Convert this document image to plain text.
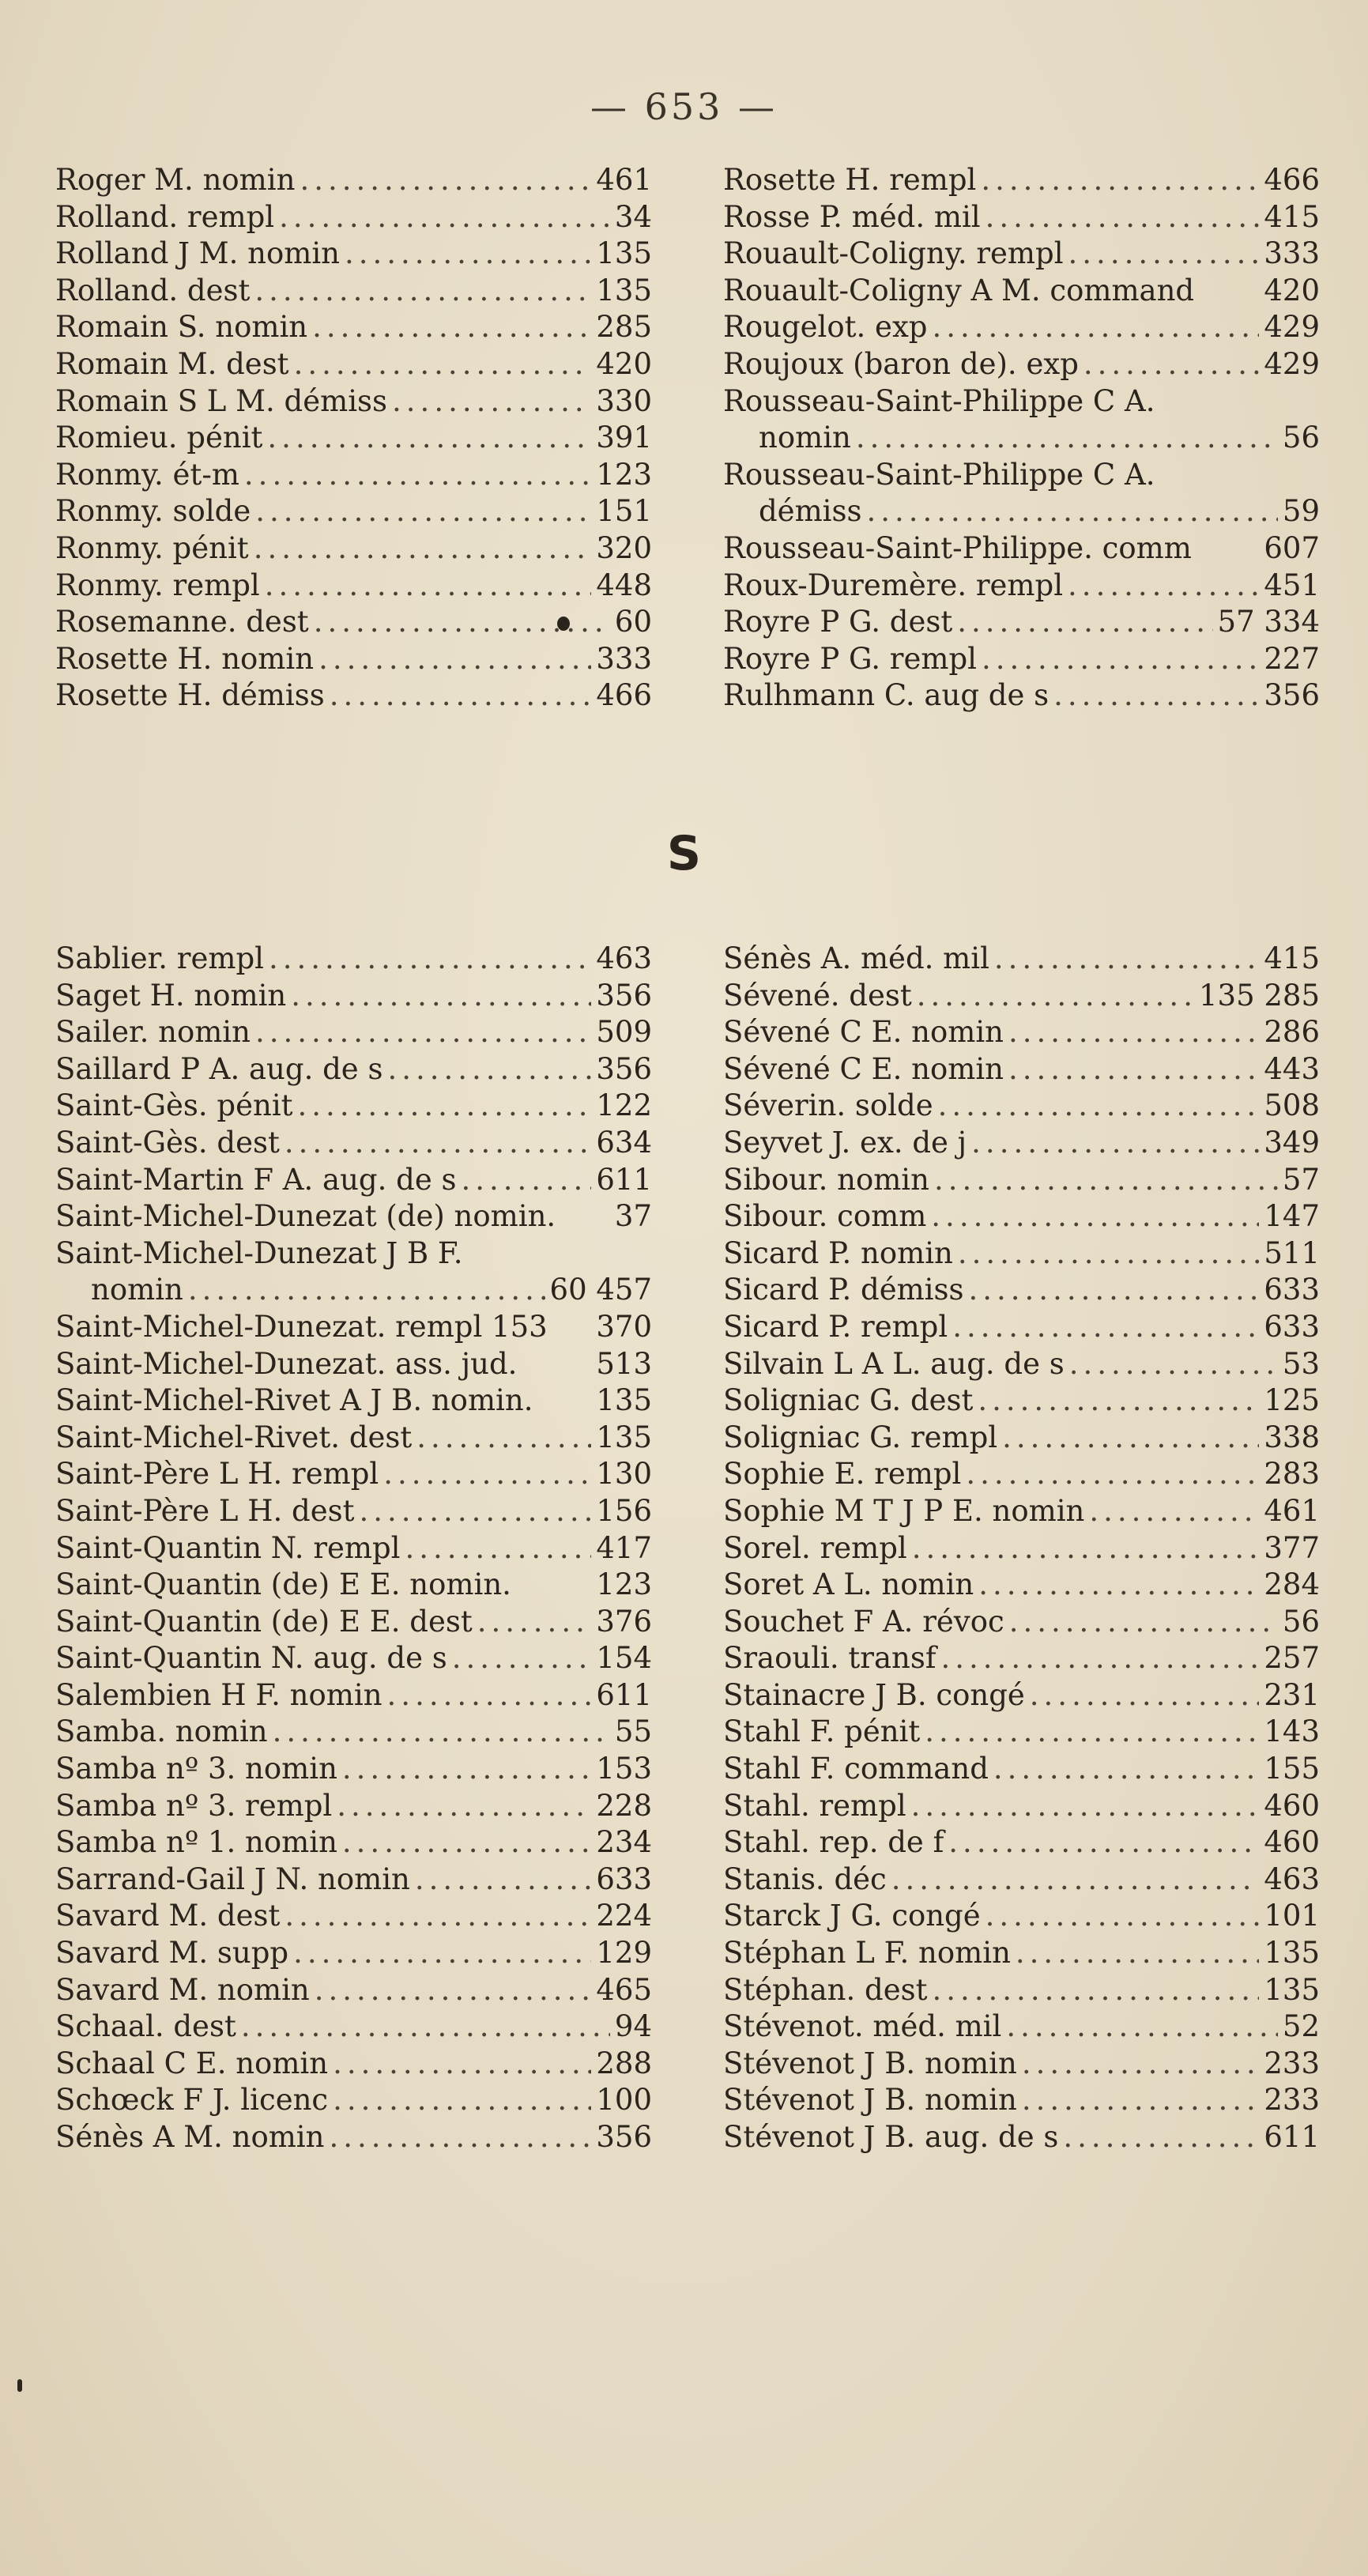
— 653 —
Roger M. nomin .....	461
Rolland. rempl .....	34
Rolland J M. nomin .....	135
Rolland. dest .....	135
Romain S. nomin .....	285
Romain M. dest .....	420
Romain S L M. démiss .....	330
Romieu. pénit .....	391
Ronmy. ét-m .....	123
Ronmy. solde .....	151
Ronmy. pénit .....	320
Ronmy. rempl .....	448
Rosemanne. dest .....	60
Rosette H. nomin .....	333
Rosette H. démiss .....	466
Rosette H. rempl .....	466
Rosse P. méd. mil .....	415
Rouault-Coligny. rempl .....	333
Rouault-Coligny A M. command 420
Rougelot. exp .....	429
Roujoux (baron de). exp .....	429
Rousseau-Saint-Philippe C A.
nomin .....	56
Rousseau-Saint-Philippe C A.
démiss .....	59
Rousseau-Saint-Philippe. comm 607
Roux-Duremère. rempl .....	451
Royre P G. dest .....	57 334
Royre P G. rempl .....	227
Rulhmann C. aug de s .....	356
S
Sablier. rempl .....	463
Saget H. nomin .....	356
Sailer. nomin .....	509
Saillard P A. aug. de s .....	356
Saint-Gès. pénit .....	122
Saint-Gès. dest .....	634
Saint-Martin F A. aug. de s .....	611
Saint-Michel-Dunezat (de) nomin. 37
Saint-Michel-Dunezat J B F.
nomin .....	60 457
Saint-Michel-Dunezat. rempl 153 370
Saint-Michel-Dunezat. ass. jud.	513
Saint-Michel-Rivet A J B. nomin. 135
Saint-Michel-Rivet. dest .....	135
Saint-Père L H. rempl .....	130
Saint-Père L H. dest .....	156
Saint-Quantin N. rempl .....	417
Saint-Quantin (de) E E. nomin.	123
Saint-Quantin (de) E E. dest .....	376
Saint-Quantin N. aug. de s .....	154
Salembien H F. nomin .....	611
Samba. nomin .....	55
Samba nº 3. nomin .....	153
Samba nº 3. rempl .....	228
Samba nº 1. nomin .....	234
Sarrand-Gail J N. nomin .....	633
Savard M. dest .....	224
Savard M. supp .....	129
Savard M. nomin .....	465
Schaal. dest .....	94
Schaal C E. nomin .....	288
Schœck F J. licenc .....	100
Sénès A M. nomin .....	356
Sénès A. méd. mil .....	415
Sévené. dest .....	135 285
Sévené C E. nomin .....	286
Sévené C E. nomin .....	443
Séverin. solde .....	508
Seyvet J. ex. de j .....	349
Sibour. nomin .....	57
Sibour. comm .....	147
Sicard P. nomin .....	511
Sicard P. démiss .....	633
Sicard P. rempl .....	633
Silvain L A L. aug. de s .....	53
Soligniac G. dest .....	125
Soligniac G. rempl .....	338
Sophie E. rempl .....	283
Sophie M T J P E. nomin .....	461
Sorel. rempl .....	377
Soret A L. nomin .....	284
Souchet F A. révoc .....	56
Sraouli. transf .....	257
Stainacre J B. congé .....	231
Stahl F. pénit .....	143
Stahl F. command .....	155
Stahl. rempl .....	460
Stahl. rep. de f .....	460
Stanis. déc .....	463
Starck J G. congé .....	101
Stéphan L F. nomin .....	135
Stéphan. dest .....	135
Stévenot. méd. mil .....	52
Stévenot J B. nomin .....	233
Stévenot J B. nomin .....	233
Stévenot J B. aug. de s .....	611
